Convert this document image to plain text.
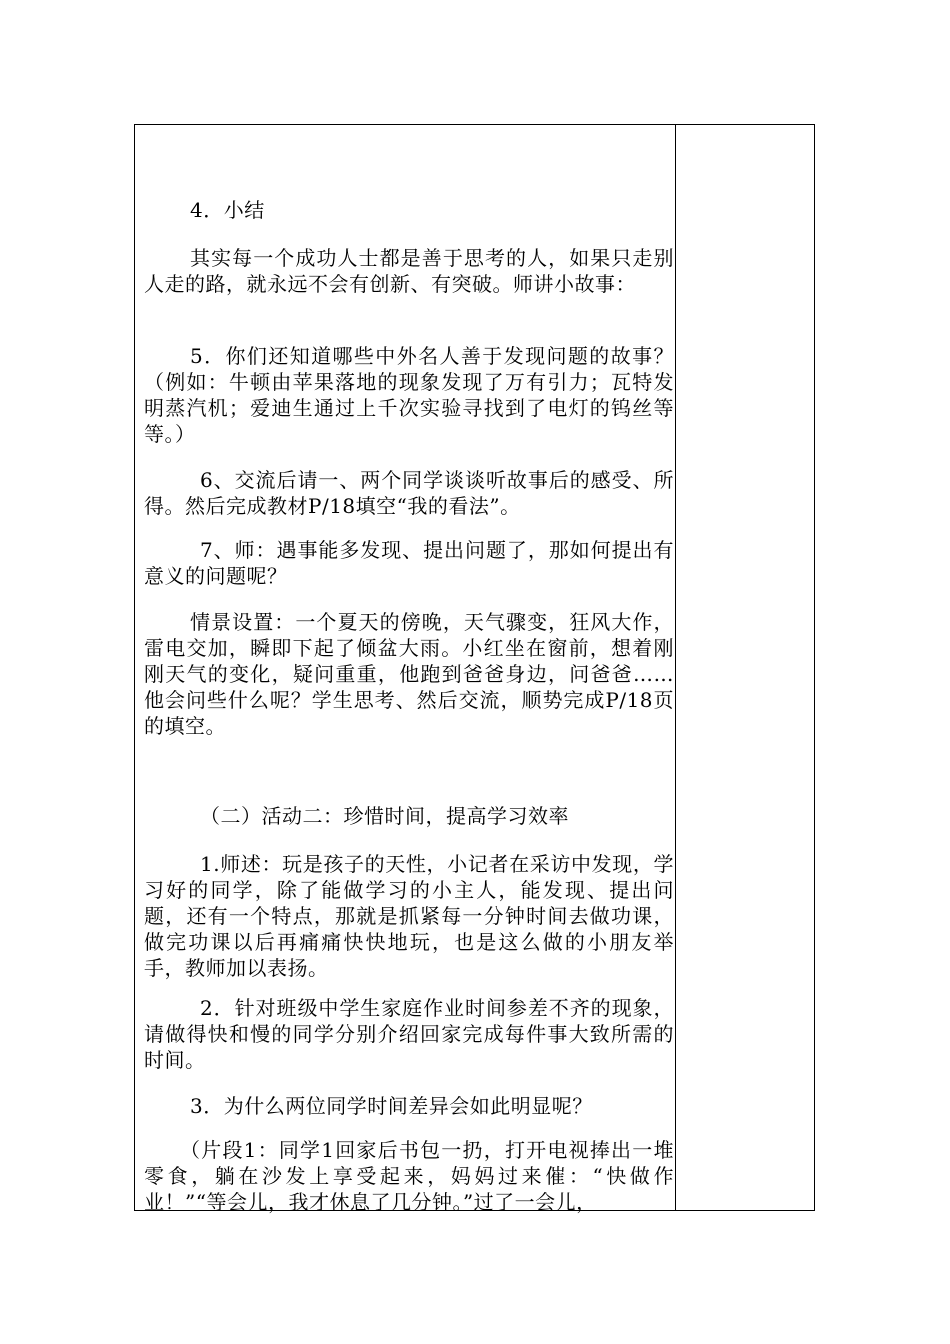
4．小结

其实每一个成功人士都是善于思考的人，如果只走别人走的路，就永远不会有创新、有突破。师讲小故事：

5．你们还知道哪些中外名人善于发现问题的故事？（例如：牛顿由苹果落地的现象发现了万有引力；瓦特发明蒸汽机；爱迪生通过上千次实验寻找到了电灯的钨丝等等。）

6、交流后请一、两个同学谈谈听故事后的感受、所得。然后完成教材P/18填空“我的看法”。

7、师：遇事能多发现、提出问题了，那如何提出有意义的问题呢？

情景设置：一个夏天的傍晚，天气骤变，狂风大作，雷电交加，瞬即下起了倾盆大雨。小红坐在窗前，想着刚刚天气的变化，疑问重重，他跑到爸爸身边，问爸爸……他会问些什么呢？学生思考、然后交流，顺势完成P/18页的填空。

（二）活动二：珍惜时间，提高学习效率

1.师述：玩是孩子的天性，小记者在采访中发现，学习好的同学，除了能做学习的小主人，能发现、提出问题，还有一个特点，那就是抓紧每一分钟时间去做功课，做完功课以后再痛痛快快地玩，也是这么做的小朋友举手，教师加以表扬。

2．针对班级中学生家庭作业时间参差不齐的现象，请做得快和慢的同学分别介绍回家完成每件事大致所需的时间。

3．为什么两位同学时间差异会如此明显呢？

（片段1：同学1回家后书包一扔，打开电视捧出一堆零食，躺在沙发上享受起来，妈妈过来催：“快做作业！”“等会儿，我才休息了几分钟。”过了一会儿，
